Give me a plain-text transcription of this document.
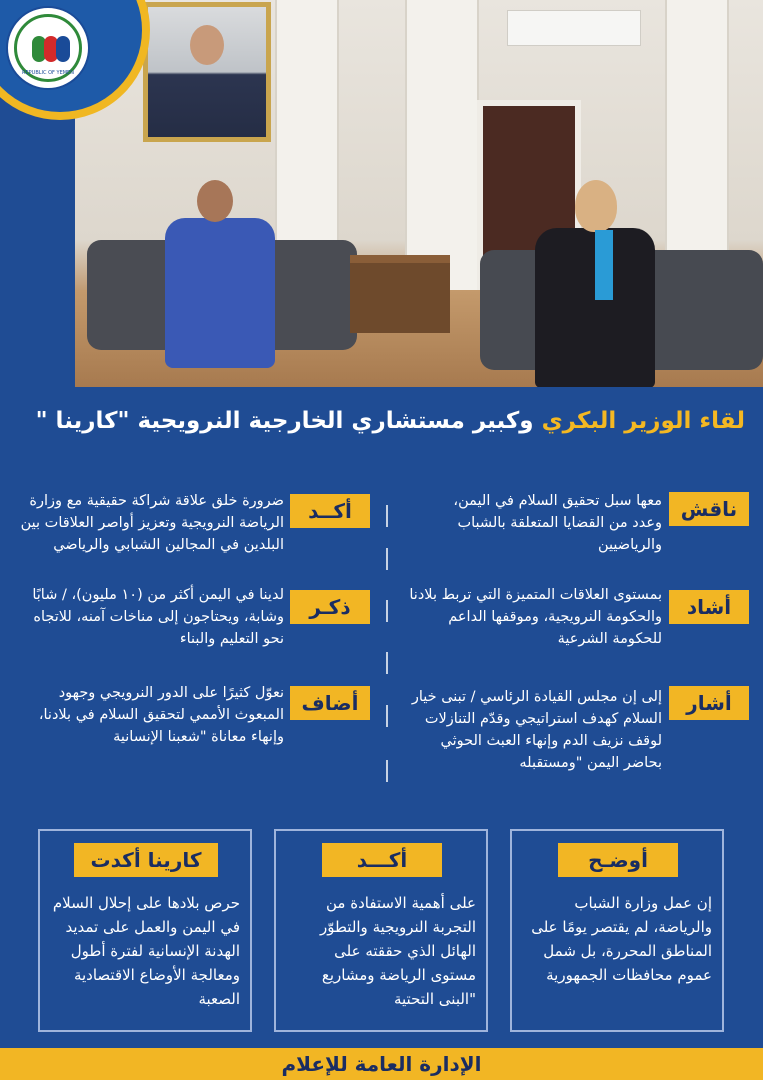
REPUBLIC OF YEMEN
لقاء الوزير البكري وكبير مستشاري الخارجية النرويجية "كارينا "
ناقش
معها سبل تحقيق السلام في اليمن، وعدد من القضايا المتعلقة بالشباب والرياضيين
أشاد
بمستوى العلاقات المتميزة التي تربط بلادنا والحكومة النرويجية، وموقفها الداعم للحكومة الشرعية
أشار
إلى إن مجلس القيادة الرئاسي / تبنى خيار السلام كهدف استراتيجي وقدّم التنازلات لوقف نزيف الدم وإنهاء العبث الحوثي بحاضر اليمن "ومستقبله
أكــد
ضرورة خلق علاقة شراكة حقيقية مع وزارة الرياضة النرويجية وتعزيز أواصر العلاقات بين البلدين في المجالين الشبابي والرياضي
ذكـر
لدينا في اليمن أكثر من (١٠ مليون)، / شابًا وشابة، ويحتاجون إلى مناخات آمنه، للاتجاه نحو التعليم والبناء
أضاف
نعوّل كثيرًا على الدور النرويجي وجهود المبعوث الأممي لتحقيق السلام في بلادنا، وإنهاء معاناة "شعبنا الإنسانية
أوضـح
إن عمل وزارة الشباب والرياضة، لم يقتصر يومًا على المناطق المحررة، بل شمل عموم محافظات الجمهورية
أكـــد
على أهمية الاستفادة من التجربة النرويجية والتطوّر الهائل الذي حققته على مستوى الرياضة ومشاريع "البنى التحتية
كارينا أكدت
حرص بلادها على إحلال السلام في اليمن والعمل على تمديد الهدنة الإنسانية لفترة أطول ومعالجة الأوضاع الاقتصادية الصعبة
الإدارة العامة للإعلام
